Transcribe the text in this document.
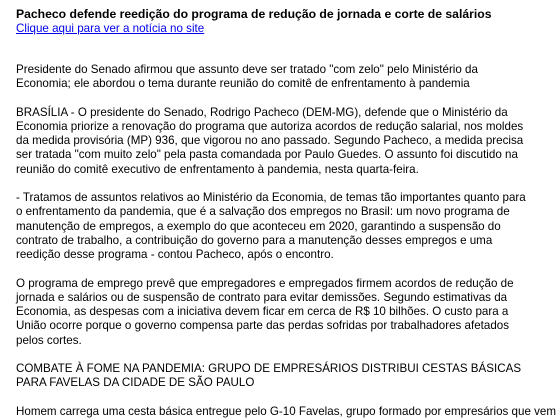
Pacheco defende reedição do programa de redução de jornada e corte de salários
Clique aqui para ver a notícia no site

Presidente do Senado afirmou que assunto deve ser tratado "com zelo" pelo Ministério da Economia; ele abordou o tema durante reunião do comitê de enfrentamento à pandemia

BRASÍLIA - O presidente do Senado, Rodrigo Pacheco (DEM-MG), defende que o Ministério da Economia priorize a renovação do programa que autoriza acordos de redução salarial, nos moldes da medida provisória (MP) 936, que vigorou no ano passado. Segundo Pacheco, a medida precisa ser tratada "com muito zelo" pela pasta comandada por Paulo Guedes. O assunto foi discutido na reunião do comitê executivo de enfrentamento à pandemia, nesta quarta-feira.

- Tratamos de assuntos relativos ao Ministério da Economia, de temas tão importantes quanto para o enfrentamento da pandemia, que é a salvação dos empregos no Brasil: um novo programa de manutenção de empregos, a exemplo do que aconteceu em 2020, garantindo a suspensão do contrato de trabalho, a contribuição do governo para a manutenção desses empregos e uma reedição desse programa - contou Pacheco, após o encontro.

O programa de emprego prevê que empregadores e empregados firmem acordos de redução de jornada e salários ou de suspensão de contrato para evitar demissões. Segundo estimativas da Economia, as despesas com a iniciativa devem ficar em cerca de R$ 10 bilhões. O custo para a União ocorre porque o governo compensa parte das perdas sofridas por trabalhadores afetados pelos cortes.

COMBATE À FOME NA PANDEMIA: GRUPO DE EMPRESÁRIOS DISTRIBUI CESTAS BÁSICAS PARA FAVELAS DA CIDADE DE SÃO PAULO

Homem carrega uma cesta básica entregue pelo G-10 Favelas, grupo formado por empresários que vem
